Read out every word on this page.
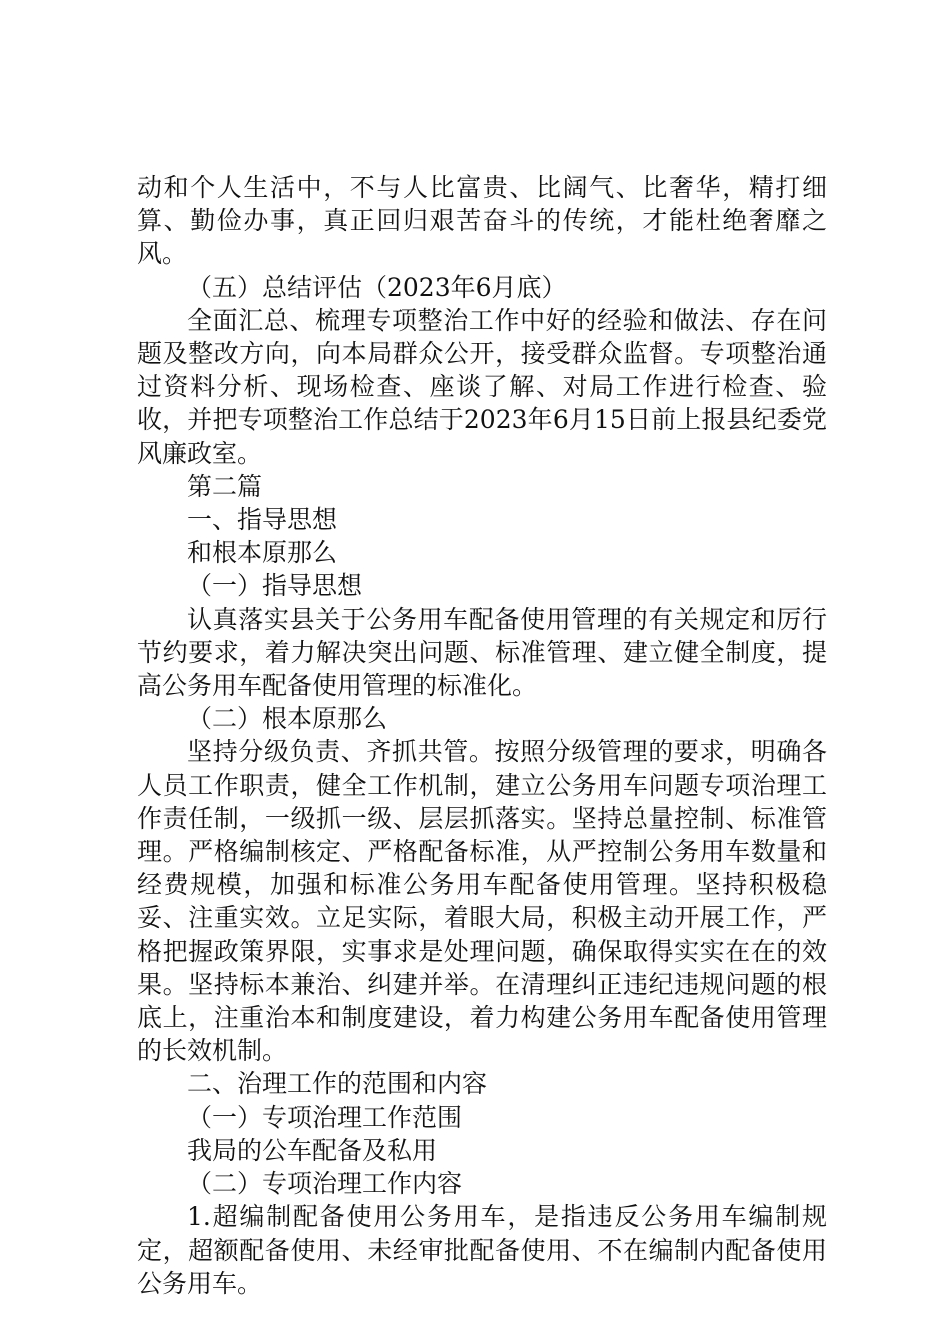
动和个人生活中，不与人比富贵、比阔气、比奢华，精打细算、勤俭办事，真正回归艰苦奋斗的传统，才能杜绝奢靡之风。

（五）总结评估（2023年6月底）

全面汇总、梳理专项整治工作中好的经验和做法、存在问题及整改方向，向本局群众公开，接受群众监督。专项整治通过资料分析、现场检查、座谈了解、对局工作进行检查、验收，并把专项整治工作总结于2023年6月15日前上报县纪委党风廉政室。

第二篇

一、指导思想

和根本原那么

（一）指导思想

认真落实县关于公务用车配备使用管理的有关规定和厉行节约要求，着力解决突出问题、标准管理、建立健全制度，提高公务用车配备使用管理的标准化。

（二）根本原那么

坚持分级负责、齐抓共管。按照分级管理的要求，明确各人员工作职责，健全工作机制，建立公务用车问题专项治理工作责任制，一级抓一级、层层抓落实。坚持总量控制、标准管理。严格编制核定、严格配备标准，从严控制公务用车数量和经费规模，加强和标准公务用车配备使用管理。坚持积极稳妥、注重实效。立足实际，着眼大局，积极主动开展工作，严格把握政策界限，实事求是处理问题，确保取得实实在在的效果。坚持标本兼治、纠建并举。在清理纠正违纪违规问题的根底上，注重治本和制度建设，着力构建公务用车配备使用管理的长效机制。

二、治理工作的范围和内容

（一）专项治理工作范围

我局的公车配备及私用

（二）专项治理工作内容

1.超编制配备使用公务用车，是指违反公务用车编制规定，超额配备使用、未经审批配备使用、不在编制内配备使用公务用车。
